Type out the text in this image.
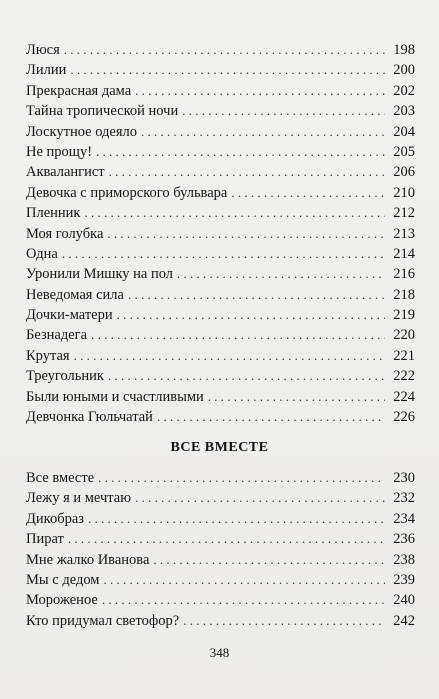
Люся . . .	198
Лилии . . .	200
Прекрасная дама . . .	202
Тайна тропической ночи . . .	203
Лоскутное одеяло . . .	204
Не прощу! . . .	205
Аквалангист . . .	206
Девочка с приморского бульвара . . .	210
Пленник . . .	212
Моя голубка . . .	213
Одна . . .	214
Уронили Мишку на пол . . .	216
Неведомая сила . . .	218
Дочки-матери . . .	219
Безнадега . . .	220
Крутая . . .	221
Треугольник . . .	222
Были юными и счастливыми . . .	224
Девчонка Гюльчатай . . .	226
ВСЕ ВМЕСТЕ
Все вместе . . .	230
Лежу я и мечтаю . . .	232
Дикобраз . . .	234
Пират . . .	236
Мне жалко Иванова . . .	238
Мы с дедом . . .	239
Мороженое . . .	240
Кто придумал светофор? . . .	242
348
